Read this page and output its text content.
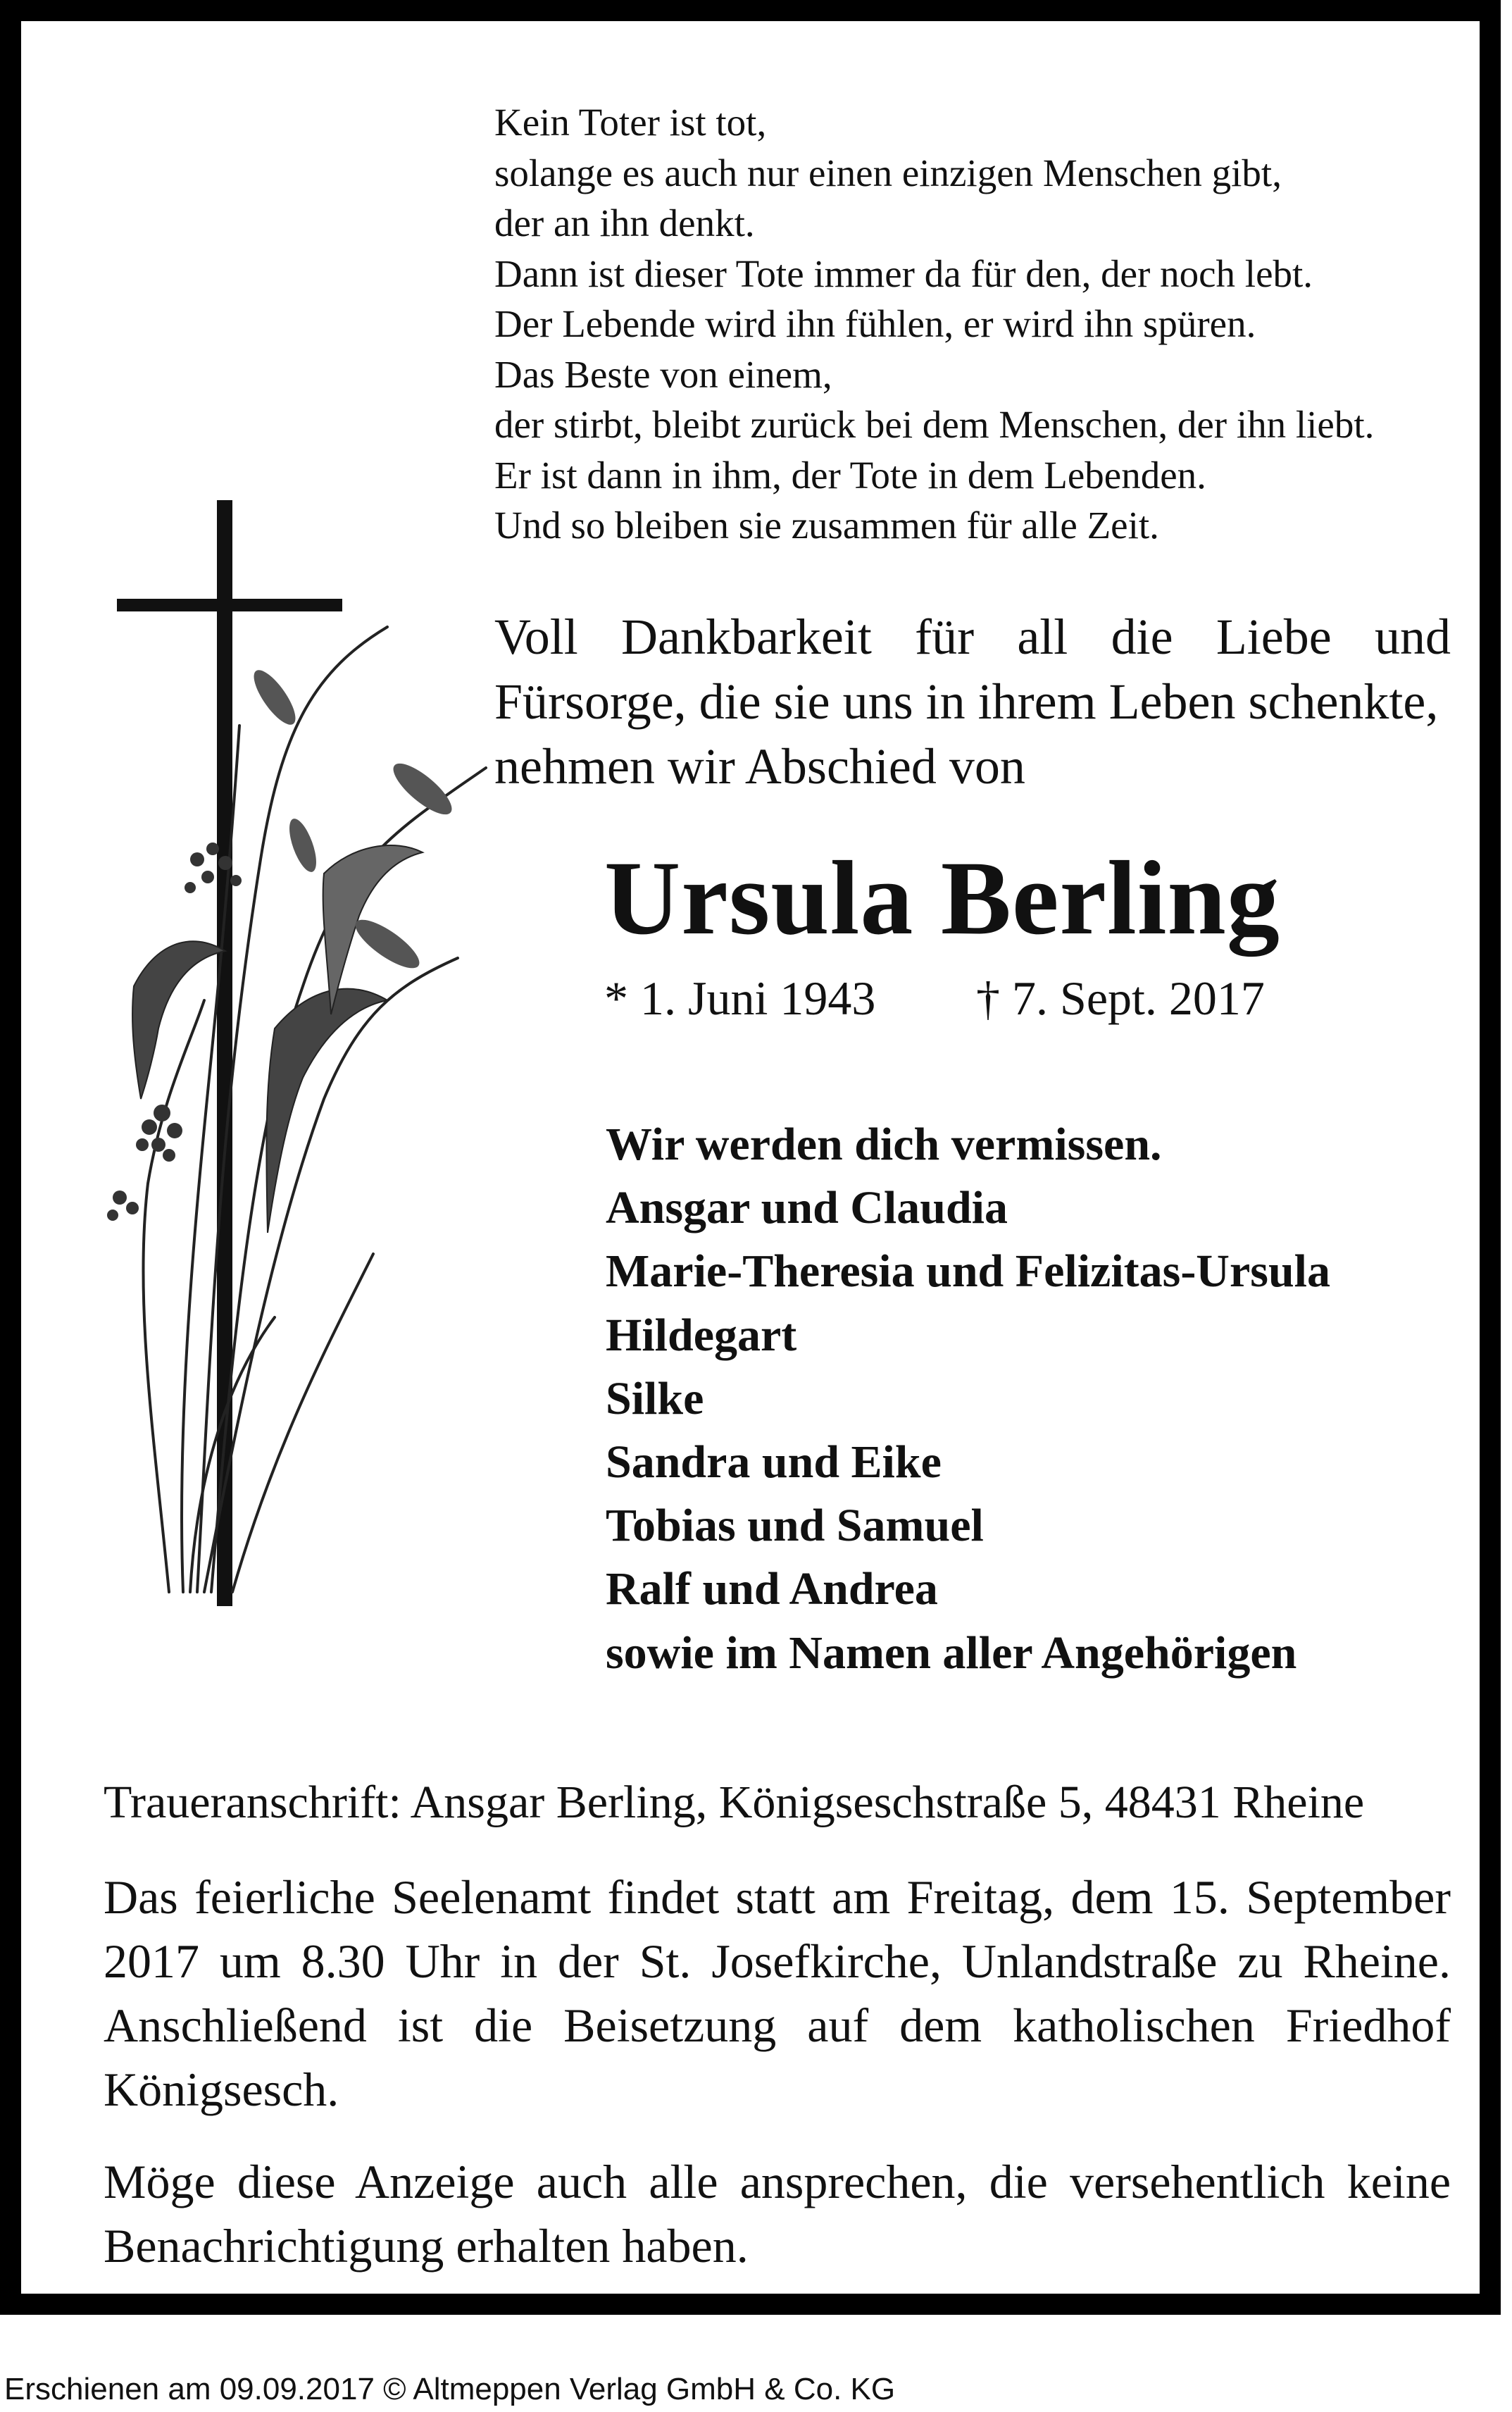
Kein Toter ist tot,
solange es auch nur einen einzigen Menschen gibt,
der an ihn denkt.
Dann ist dieser Tote immer da für den, der noch lebt.
Der Lebende wird ihn fühlen, er wird ihn spüren.
Das Beste von einem,
der stirbt, bleibt zurück bei dem Menschen, der ihn liebt.
Er ist dann in ihm, der Tote in dem Lebenden.
Und so bleiben sie zusammen für alle Zeit.
Voll Dankbarkeit für all die Liebe und
Fürsorge, die sie uns in ihrem Leben schenkte,
nehmen wir Abschied von
Ursula Berling
* 1. Juni 1943 † 7. Sept. 2017
Wir werden dich vermissen.
Ansgar und Claudia
Marie-Theresia und Felizitas-Ursula
Hildegart
Silke
Sandra und Eike
Tobias und Samuel
Ralf und Andrea
sowie im Namen aller Angehörigen
Traueranschrift: Ansgar Berling, Königseschstraße 5, 48431 Rheine

Das feierliche Seelenamt findet statt am Freitag, dem 15. September 2017 um 8.30 Uhr in der St. Josefkirche, Unlandstraße zu Rheine. Anschließend ist die Beisetzung auf dem katholischen Friedhof Königsesch.

Möge diese Anzeige auch alle ansprechen, die versehentlich keine Benachrichtigung erhalten haben.

Erschienen am 09.09.2017 © Altmeppen Verlag GmbH & Co. KG
